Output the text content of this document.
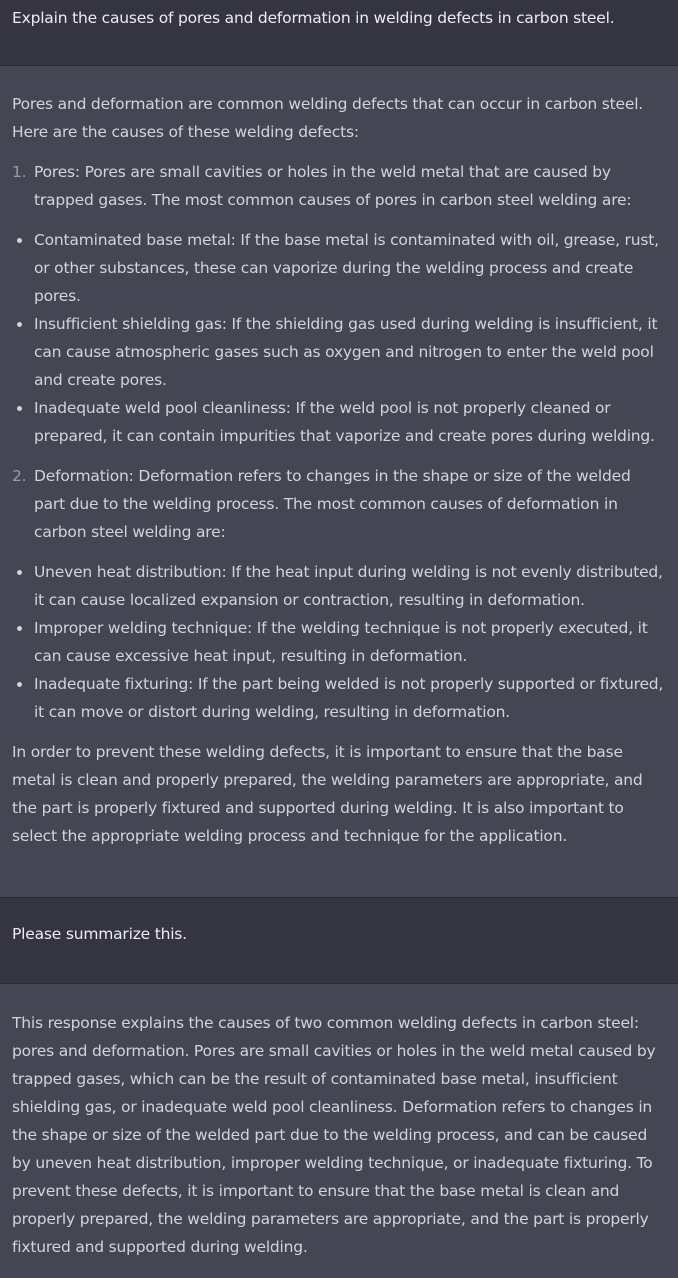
Explain the causes of pores and deformation in welding defects in carbon steel.

Pores and deformation are common welding defects that can occur in carbon steel. Here are the causes of these welding defects:

1. Pores: Pores are small cavities or holes in the weld metal that are caused by trapped gases. The most common causes of pores in carbon steel welding are:
Contaminated base metal: If the base metal is contaminated with oil, grease, rust, or other substances, these can vaporize during the welding process and create pores.
Insufficient shielding gas: If the shielding gas used during welding is insufficient, it can cause atmospheric gases such as oxygen and nitrogen to enter the weld pool and create pores.
Inadequate weld pool cleanliness: If the weld pool is not properly cleaned or prepared, it can contain impurities that vaporize and create pores during welding.
2. Deformation: Deformation refers to changes in the shape or size of the welded part due to the welding process. The most common causes of deformation in carbon steel welding are:
Uneven heat distribution: If the heat input during welding is not evenly distributed, it can cause localized expansion or contraction, resulting in deformation.
Improper welding technique: If the welding technique is not properly executed, it can cause excessive heat input, resulting in deformation.
Inadequate fixturing: If the part being welded is not properly supported or fixtured, it can move or distort during welding, resulting in deformation.

In order to prevent these welding defects, it is important to ensure that the base metal is clean and properly prepared, the welding parameters are appropriate, and the part is properly fixtured and supported during welding. It is also important to select the appropriate welding process and technique for the application.

Please summarize this.

This response explains the causes of two common welding defects in carbon steel: pores and deformation. Pores are small cavities or holes in the weld metal caused by trapped gases, which can be the result of contaminated base metal, insufficient shielding gas, or inadequate weld pool cleanliness. Deformation refers to changes in the shape or size of the welded part due to the welding process, and can be caused by uneven heat distribution, improper welding technique, or inadequate fixturing. To prevent these defects, it is important to ensure that the base metal is clean and properly prepared, the welding parameters are appropriate, and the part is properly fixtured and supported during welding.
